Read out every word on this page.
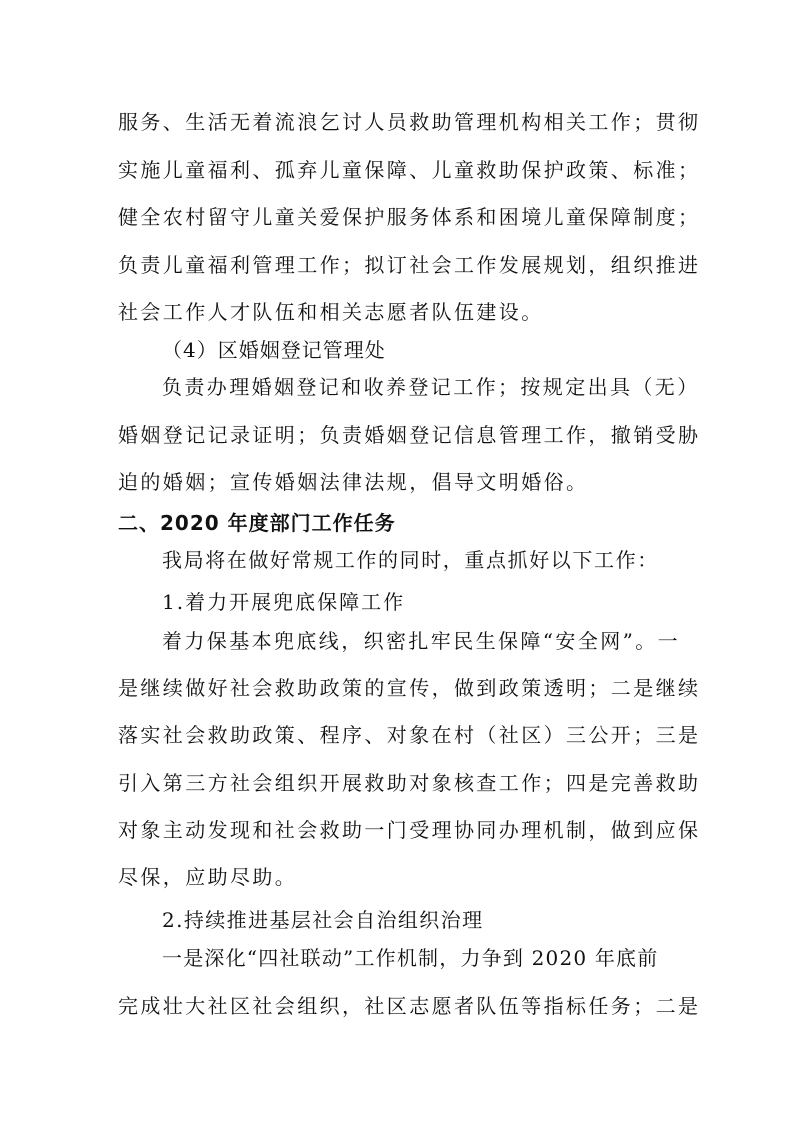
服务、生活无着流浪乞讨人员救助管理机构相关工作；贯彻
实施儿童福利、孤弃儿童保障、儿童救助保护政策、标准；
健全农村留守儿童关爱保护服务体系和困境儿童保障制度；
负责儿童福利管理工作；拟订社会工作发展规划，组织推进
社会工作人才队伍和相关志愿者队伍建设。
（4）区婚姻登记管理处
负责办理婚姻登记和收养登记工作；按规定出具（无）
婚姻登记记录证明；负责婚姻登记信息管理工作，撤销受胁
迫的婚姻；宣传婚姻法律法规，倡导文明婚俗。
二、2020 年度部门工作任务
我局将在做好常规工作的同时，重点抓好以下工作：
1.着力开展兜底保障工作
着力保基本兜底线，织密扎牢民生保障“安全网”。一
是继续做好社会救助政策的宣传，做到政策透明；二是继续
落实社会救助政策、程序、对象在村（社区）三公开；三是
引入第三方社会组织开展救助对象核查工作；四是完善救助
对象主动发现和社会救助一门受理协同办理机制，做到应保
尽保，应助尽助。
2.持续推进基层社会自治组织治理
一是深化“四社联动”工作机制，力争到 2020 年底前
完成壮大社区社会组织，社区志愿者队伍等指标任务；二是
